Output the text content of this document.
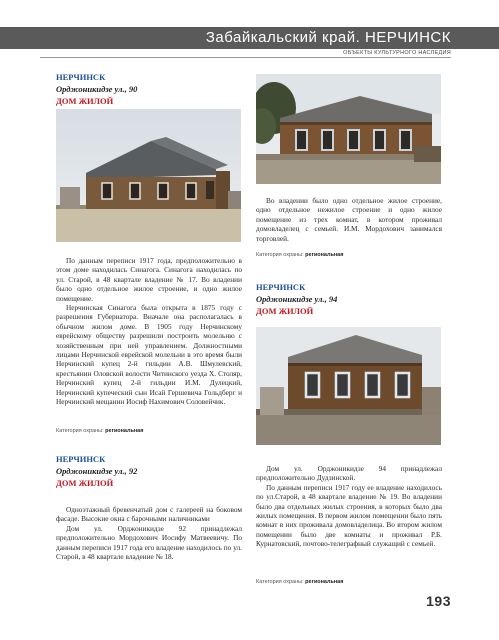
Забайкальский край. НЕРЧИНСК
ОБЪЕКТЫ КУЛЬТУРНОГО НАСЛЕДИЯ
НЕРЧИНСК
Орджоникидзе ул., 90
ДОМ ЖИЛОЙ

По данным переписи 1917 года, предположительно в этом доме находилась Синагога. Синагога находилась по ул. Старой, в 48 квартале владение № 17. Во владении было одно отдельное жилое строение, и одно жилое помещение.

Нерчинская Синагога была открыта в 1875 году с разрешения Губернатора. Вначале она располагалась в обычном жилом доме. В 1905 году Нерчинскому еврейскому обществу разрешили построить молельню с хозяйственным при ней управлением. Должностными лицами Нерчинской еврейской молельни в это время были Нерчинский купец 2-й гильдии А.В. Шмулевский, крестьянин Оловской волости Читинского уезда Х. Столяр, Нерчинский купец 2-й гильдии И.М. Дулецкий, Нерчинский купеческий сын Исай Гершевича Гольдберг и Нерчинский мещанин Иосиф Нахимович Соловейчик.

Категория охраны: региональная
НЕРЧИНСК
Орджоникидзе ул., 92
ДОМ ЖИЛОЙ

Одноэтажный бревенчатый дом с галереей на боковом фасаде. Высокие окна с барочными наличниками

Дом ул. Орджоникидзе 92 принадлежал предположительно Мордохович Иосифу Матвеевичу. По данным переписи 1917 года его владение находилось по ул. Старой, в 48 квартале владение № 18.

Во владении было одно отдельное жилое строение, одно отдельное нежилое строение и одно жилое помещение из трех комнат, в котором проживал домовладелец с семьей. И.М. Мордохович занимался торговлей.

Категория охраны: региональная
НЕРЧИНСК
Орджоникидзе ул., 94
ДОМ ЖИЛОЙ

Дом ул. Орджоникидзе 94 принадлежал предположительно Дудзинской.

По данным переписи 1917 году ее владение находилось по ул.Старой, в 48 квартале владение № 19. Во владении было два отдельных жилых строения, в которых было два жилых помещения. В первом жилом помещении было пять комнат в них проживала домовладелица. Во втором жилом помещении было две комнаты и проживал Р.Б. Курнатовский, почтово-телеграфный служащий с семьей.

Категория охраны: региональная
193
